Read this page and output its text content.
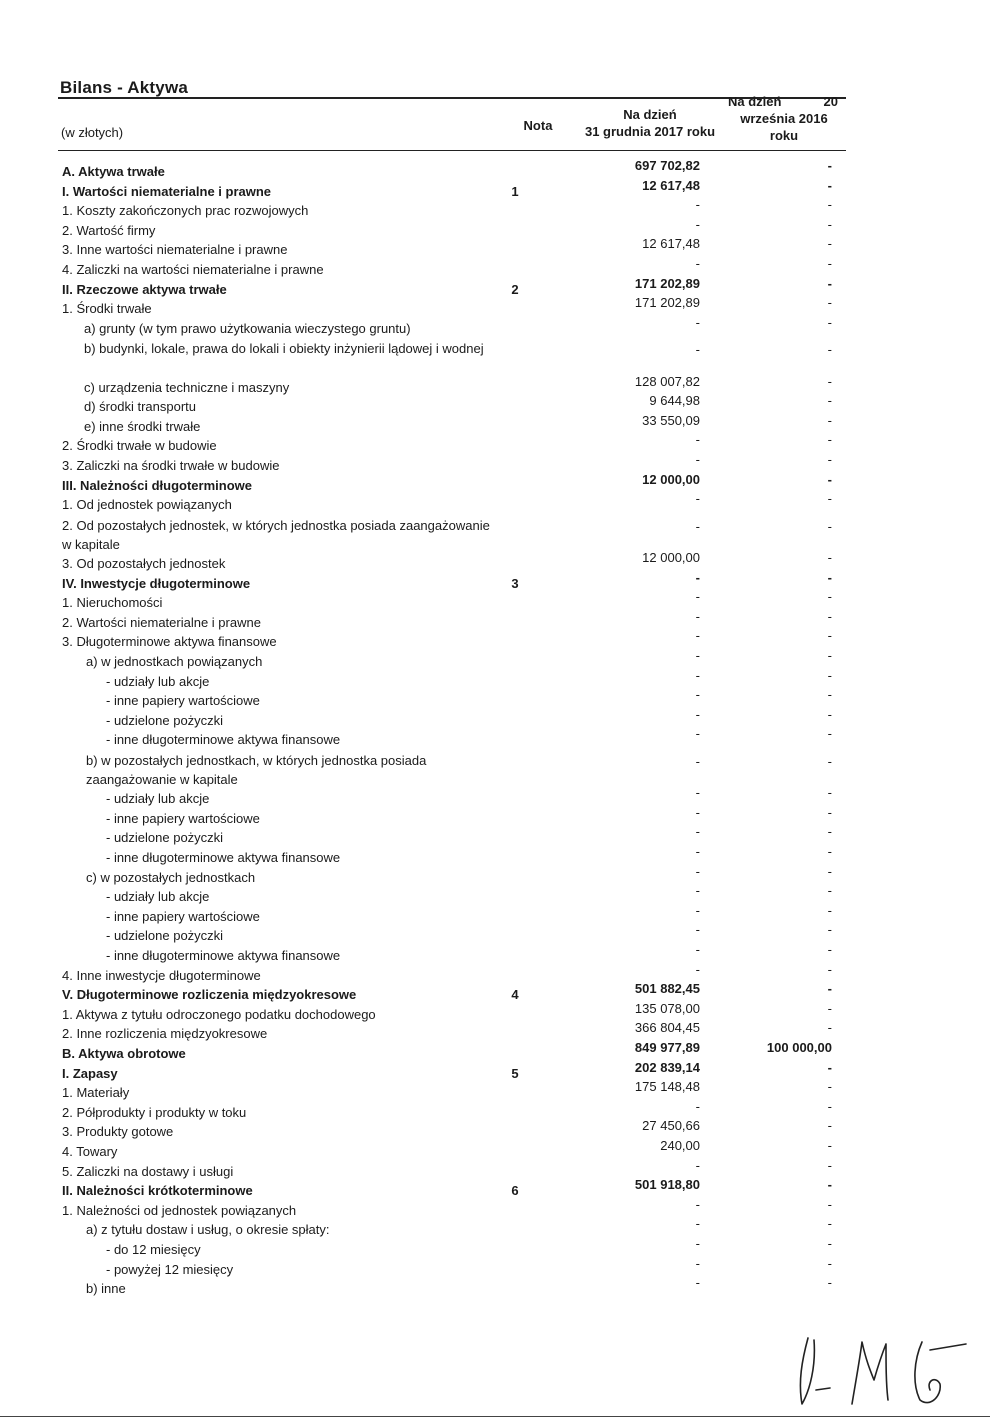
Bilans - Aktywa
(w złotych)	Nota
Na dzień
31 grudnia 2017 roku
Na dzień	20
września 2016
roku
A. Aktywa trwałe	697 702,82	-
I. Wartości niematerialne i prawne	1	12 617,48	-
1. Koszty zakończonych prac rozwojowych	-	-
2. Wartość firmy	-	-
3. Inne wartości niematerialne i prawne	12 617,48	-
4. Zaliczki na wartości niematerialne i prawne	-	-
II. Rzeczowe aktywa trwałe	2	171 202,89	-
1. Środki trwałe	171 202,89	-
a) grunty (w tym prawo użytkowania wieczystego gruntu)	-	-
b) budynki, lokale, prawa do lokali i obiekty inżynierii lądowej i wodnej	-	-
c) urządzenia techniczne i maszyny	128 007,82	-
d) środki transportu	9 644,98	-
e) inne środki trwałe	33 550,09	-
2. Środki trwałe w budowie	-	-
3. Zaliczki na środki trwałe w budowie	-	-
III. Należności długoterminowe	12 000,00	-
1. Od jednostek powiązanych	-	-
2. Od pozostałych jednostek, w których jednostka posiada zaangażowanie w kapitale
-	-
3. Od pozostałych jednostek	12 000,00	-
IV. Inwestycje długoterminowe	3	-	-
1. Nieruchomości	-	-
2. Wartości niematerialne i prawne	-	-
3. Długoterminowe aktywa finansowe	-	-
a) w jednostkach powiązanych	-	-
- udziały lub akcje	-	-
- inne papiery wartościowe	-	-
- udzielone pożyczki	-	-
- inne długoterminowe aktywa finansowe	-	-
b) w pozostałych jednostkach, w których jednostka posiada zaangażowanie w kapitale
-	-
- udziały lub akcje	-	-
- inne papiery wartościowe	-	-
- udzielone pożyczki	-	-
- inne długoterminowe aktywa finansowe	-	-
c) w pozostałych jednostkach	-	-
- udziały lub akcje	-	-
- inne papiery wartościowe	-	-
- udzielone pożyczki	-	-
- inne długoterminowe aktywa finansowe	-	-
4. Inne inwestycje długoterminowe	-	-
V. Długoterminowe rozliczenia międzyokresowe	4	501 882,45	-
1. Aktywa z tytułu odroczonego podatku dochodowego	135 078,00	-
2. Inne rozliczenia międzyokresowe	366 804,45	-
B. Aktywa obrotowe	849 977,89	100 000,00
I. Zapasy	5	202 839,14	-
1. Materiały	175 148,48	-
2. Półprodukty i produkty w toku	-	-
3. Produkty gotowe	27 450,66	-
4. Towary	240,00	-
5. Zaliczki na dostawy i usługi	-	-
II. Należności krótkoterminowe	6	501 918,80	-
1. Należności od jednostek powiązanych	-	-
a) z tytułu dostaw i usług, o okresie spłaty:	-	-
- do 12 miesięcy	-	-
- powyżej 12 miesięcy	-	-
b) inne	-	-
